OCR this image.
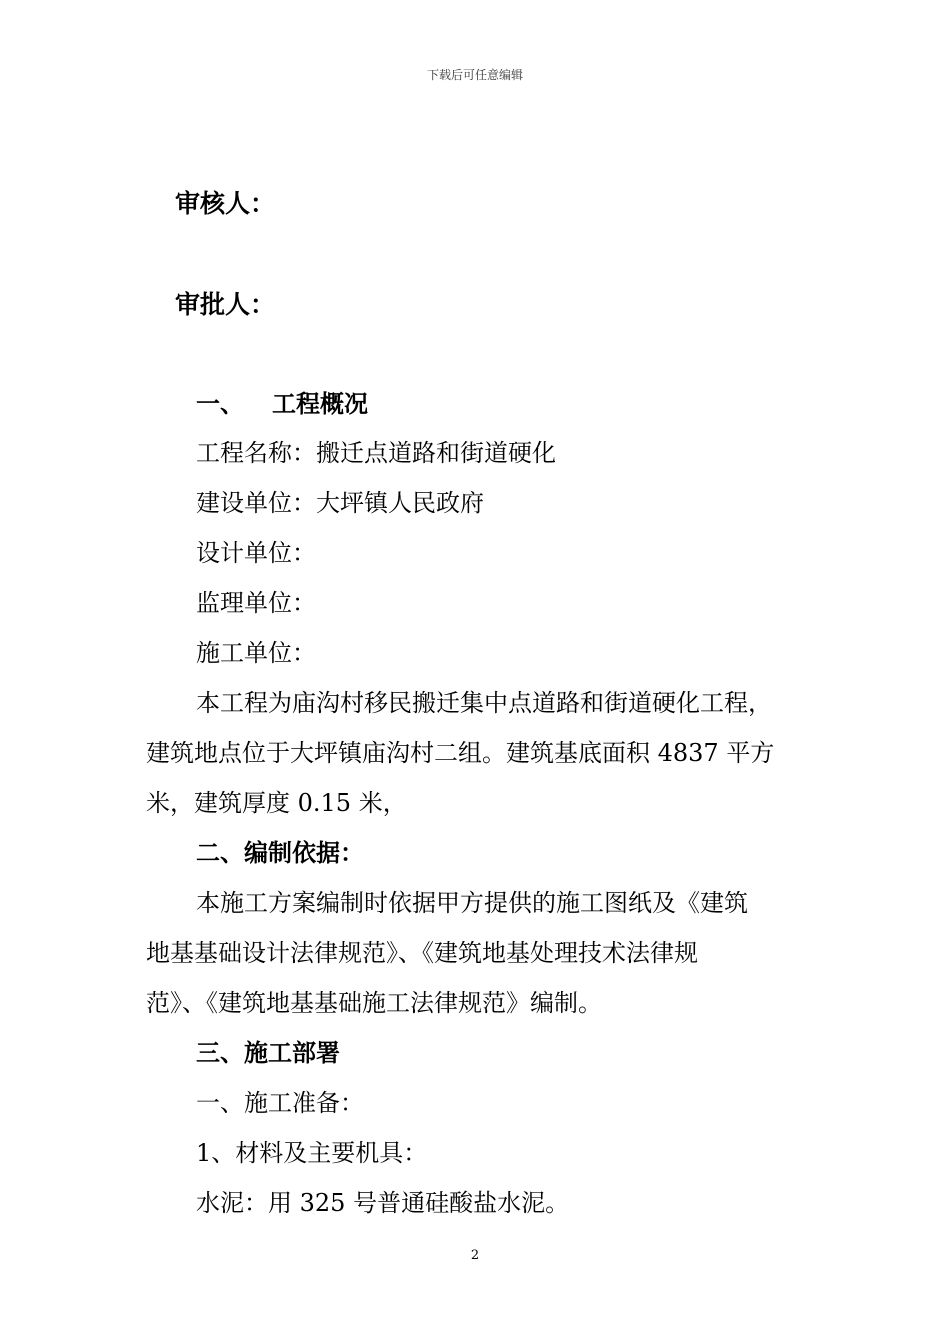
下载后可任意编辑
审核人：
审批人：
一、 工程概况
工程名称：搬迁点道路和街道硬化
建设单位：大坪镇人民政府
设计单位：
监理单位：
施工单位：
本工程为庙沟村移民搬迁集中点道路和街道硬化工程，
建筑地点位于大坪镇庙沟村二组。建筑基底面积 4837 平方
米，建筑厚度 0.15 米，
二、编制依据：
本施工方案编制时依据甲方提供的施工图纸及《建筑
地基基础设计法律规范》、《建筑地基处理技术法律规
范》、《建筑地基基础施工法律规范》编制。
三、施工部署
一、施工准备：
1、材料及主要机具：
水泥：用 325 号普通硅酸盐水泥。
2
